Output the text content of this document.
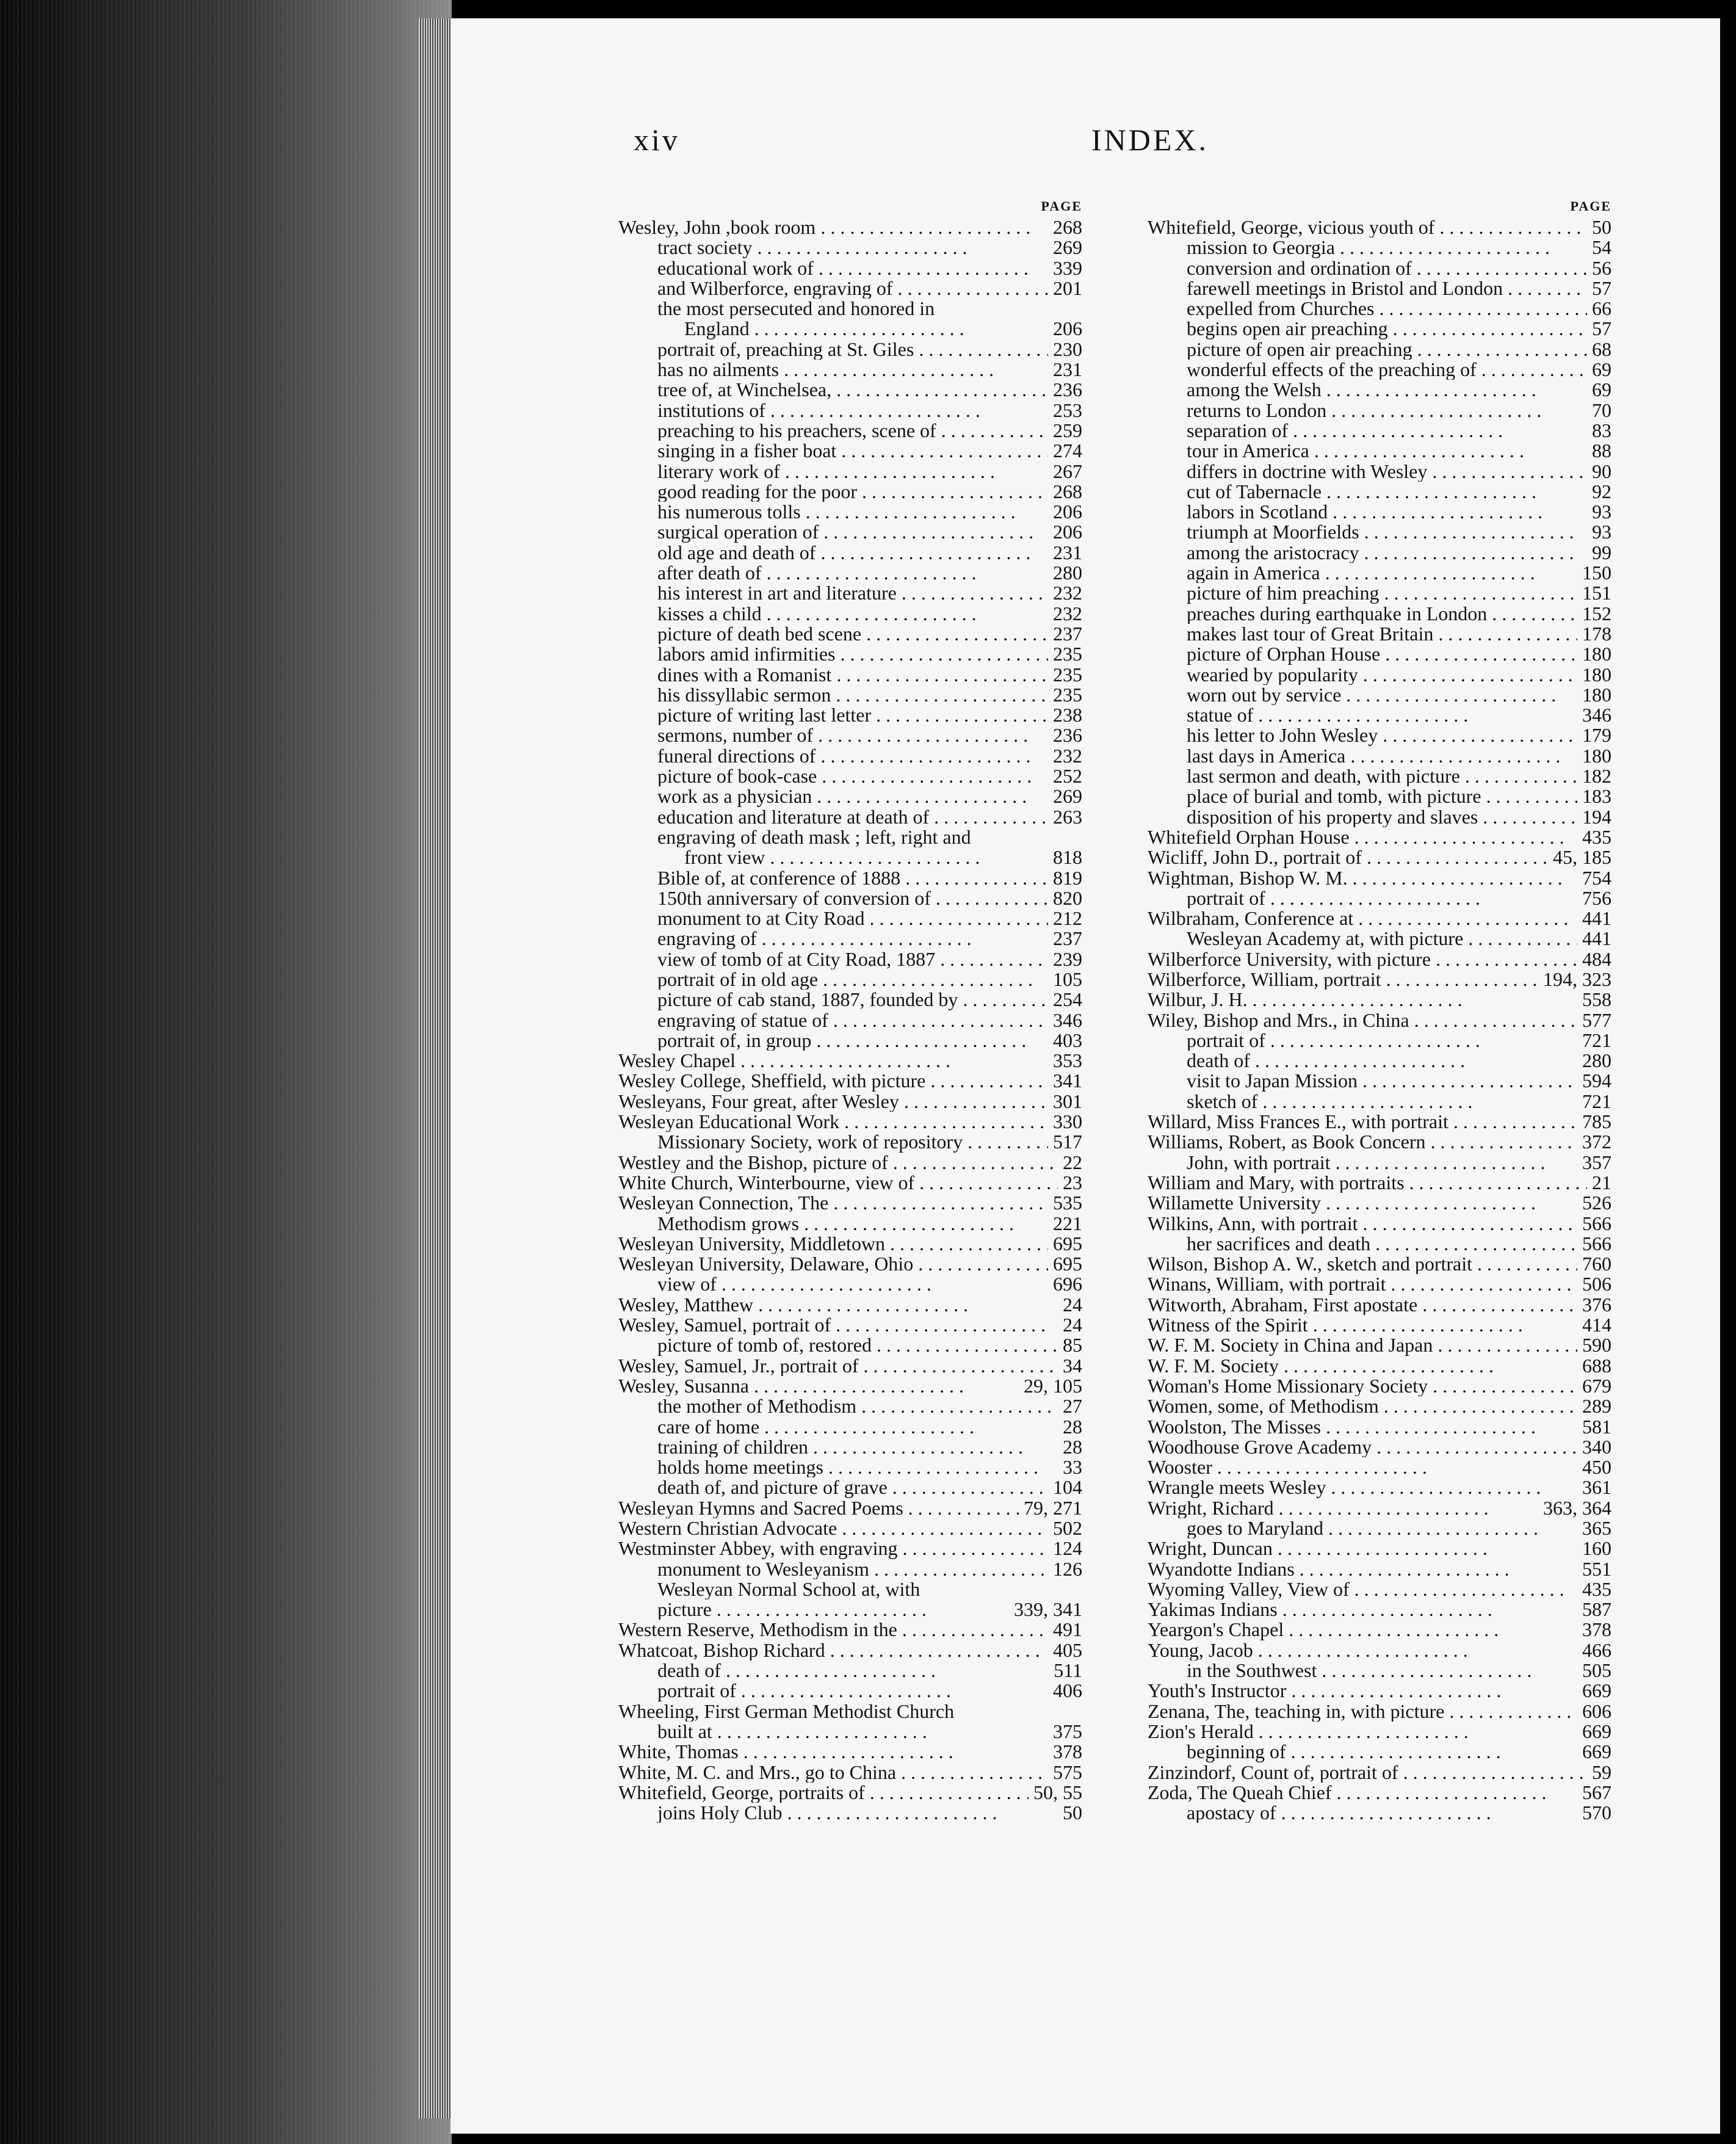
xiv	INDEX.
PAGE
Wesley, John ,book room . .	268
tract society . .	269
educational work of . .	339
and Wilberforce, engraving of . .	201
the most persecuted and honored in
England . .	206
portrait of, preaching at St. Giles . .	230
has no ailments . .	231
tree of, at Winchelsea, . .	236
institutions of . .	253
preaching to his preachers, scene of . .	259
singing in a fisher boat . .	274
literary work of . .	267
good reading for the poor . .	268
his numerous tolls . .	206
surgical operation of . .	206
old age and death of . .	231
after death of . .	280
his interest in art and literature . .	232
kisses a child . .	232
picture of death bed scene . .	237
labors amid infirmities . .	235
dines with a Romanist . .	235
his dissyllabic sermon . .	235
picture of writing last letter . .	238
sermons, number of . .	236
funeral directions of . .	232
picture of book-case . .	252
work as a physician . .	269
education and literature at death of . .	263
engraving of death mask ; left, right and
front view . .	818
Bible of, at conference of 1888 . .	819
150th anniversary of conversion of . .	820
monument to at City Road . .	212
engraving of . .	237
view of tomb of at City Road, 1887 . .	239
portrait of in old age . .	105
picture of cab stand, 1887, founded by . .	254
engraving of statue of . .	346
portrait of, in group . .	403
Wesley Chapel . .	353
Wesley College, Sheffield, with picture . .	341
Wesleyans, Four great, after Wesley . .	301
Wesleyan Educational Work . .	330
Missionary Society, work of repository . .	517
Westley and the Bishop, picture of . .	22
White Church, Winterbourne, view of . .	23
Wesleyan Connection, The . .	535
Methodism grows . .	221
Wesleyan University, Middletown . .	695
Wesleyan University, Delaware, Ohio . .	695
view of . .	696
Wesley, Matthew . .	24
Wesley, Samuel, portrait of . .	24
picture of tomb of, restored . .	85
Wesley, Samuel, Jr., portrait of . .	34
Wesley, Susanna . .	29, 105
the mother of Methodism . .	27
care of home . .	28
training of children . .	28
holds home meetings . .	33
death of, and picture of grave . .	104
Wesleyan Hymns and Sacred Poems . .	79, 271
Western Christian Advocate . .	502
Westminster Abbey, with engraving . .	124
monument to Wesleyanism . .	126
Wesleyan Normal School at, with
picture . .	339, 341
Western Reserve, Methodism in the . .	491
Whatcoat, Bishop Richard . .	405
death of . .	511
portrait of . .	406
Wheeling, First German Methodist Church
built at . .	375
White, Thomas . .	378
White, M. C. and Mrs., go to China . .	575
Whitefield, George, portraits of . .	50, 55
joins Holy Club . .	50
PAGE
Whitefield, George, vicious youth of . .	50
mission to Georgia . .	54
conversion and ordination of . .	56
farewell meetings in Bristol and London . .	57
expelled from Churches . .	66
begins open air preaching . .	57
picture of open air preaching . .	68
wonderful effects of the preaching of . .	69
among the Welsh . .	69
returns to London . .	70
separation of . .	83
tour in America . .	88
differs in doctrine with Wesley . .	90
cut of Tabernacle . .	92
labors in Scotland . .	93
triumph at Moorfields . .	93
among the aristocracy . .	99
again in America . .	150
picture of him preaching . .	151
preaches during earthquake in London . .	152
makes last tour of Great Britain . .	178
picture of Orphan House . .	180
wearied by popularity . .	180
worn out by service . .	180
statue of . .	346
his letter to John Wesley . .	179
last days in America . .	180
last sermon and death, with picture . .	182
place of burial and tomb, with picture . .	183
disposition of his property and slaves . .	194
Whitefield Orphan House . .	435
Wicliff, John D., portrait of . .	45, 185
Wightman, Bishop W. M. . .	754
portrait of . .	756
Wilbraham, Conference at . .	441
Wesleyan Academy at, with picture . .	441
Wilberforce University, with picture . .	484
Wilberforce, William, portrait . .	194, 323
Wilbur, J. H. . .	558
Wiley, Bishop and Mrs., in China . .	577
portrait of . .	721
death of . .	280
visit to Japan Mission . .	594
sketch of . .	721
Willard, Miss Frances E., with portrait . .	785
Williams, Robert, as Book Concern . .	372
John, with portrait . .	357
William and Mary, with portraits . .	21
Willamette University . .	526
Wilkins, Ann, with portrait . .	566
her sacrifices and death . .	566
Wilson, Bishop A. W., sketch and portrait . .	760
Winans, William, with portrait . .	506
Witworth, Abraham, First apostate . .	376
Witness of the Spirit . .	414
W. F. M. Society in China and Japan . .	590
W. F. M. Society . .	688
Woman's Home Missionary Society . .	679
Women, some, of Methodism . .	289
Woolston, The Misses . .	581
Woodhouse Grove Academy . .	340
Wooster . .	450
Wrangle meets Wesley . .	361
Wright, Richard . .	363, 364
goes to Maryland . .	365
Wright, Duncan . .	160
Wyandotte Indians . .	551
Wyoming Valley, View of . .	435
Yakimas Indians . .	587
Yeargon's Chapel . .	378
Young, Jacob . .	466
in the Southwest . .	505
Youth's Instructor . .	669
Zenana, The, teaching in, with picture . .	606
Zion's Herald . .	669
beginning of . .	669
Zinzindorf, Count of, portrait of . .	59
Zoda, The Queah Chief . .	567
apostacy of . .	570
